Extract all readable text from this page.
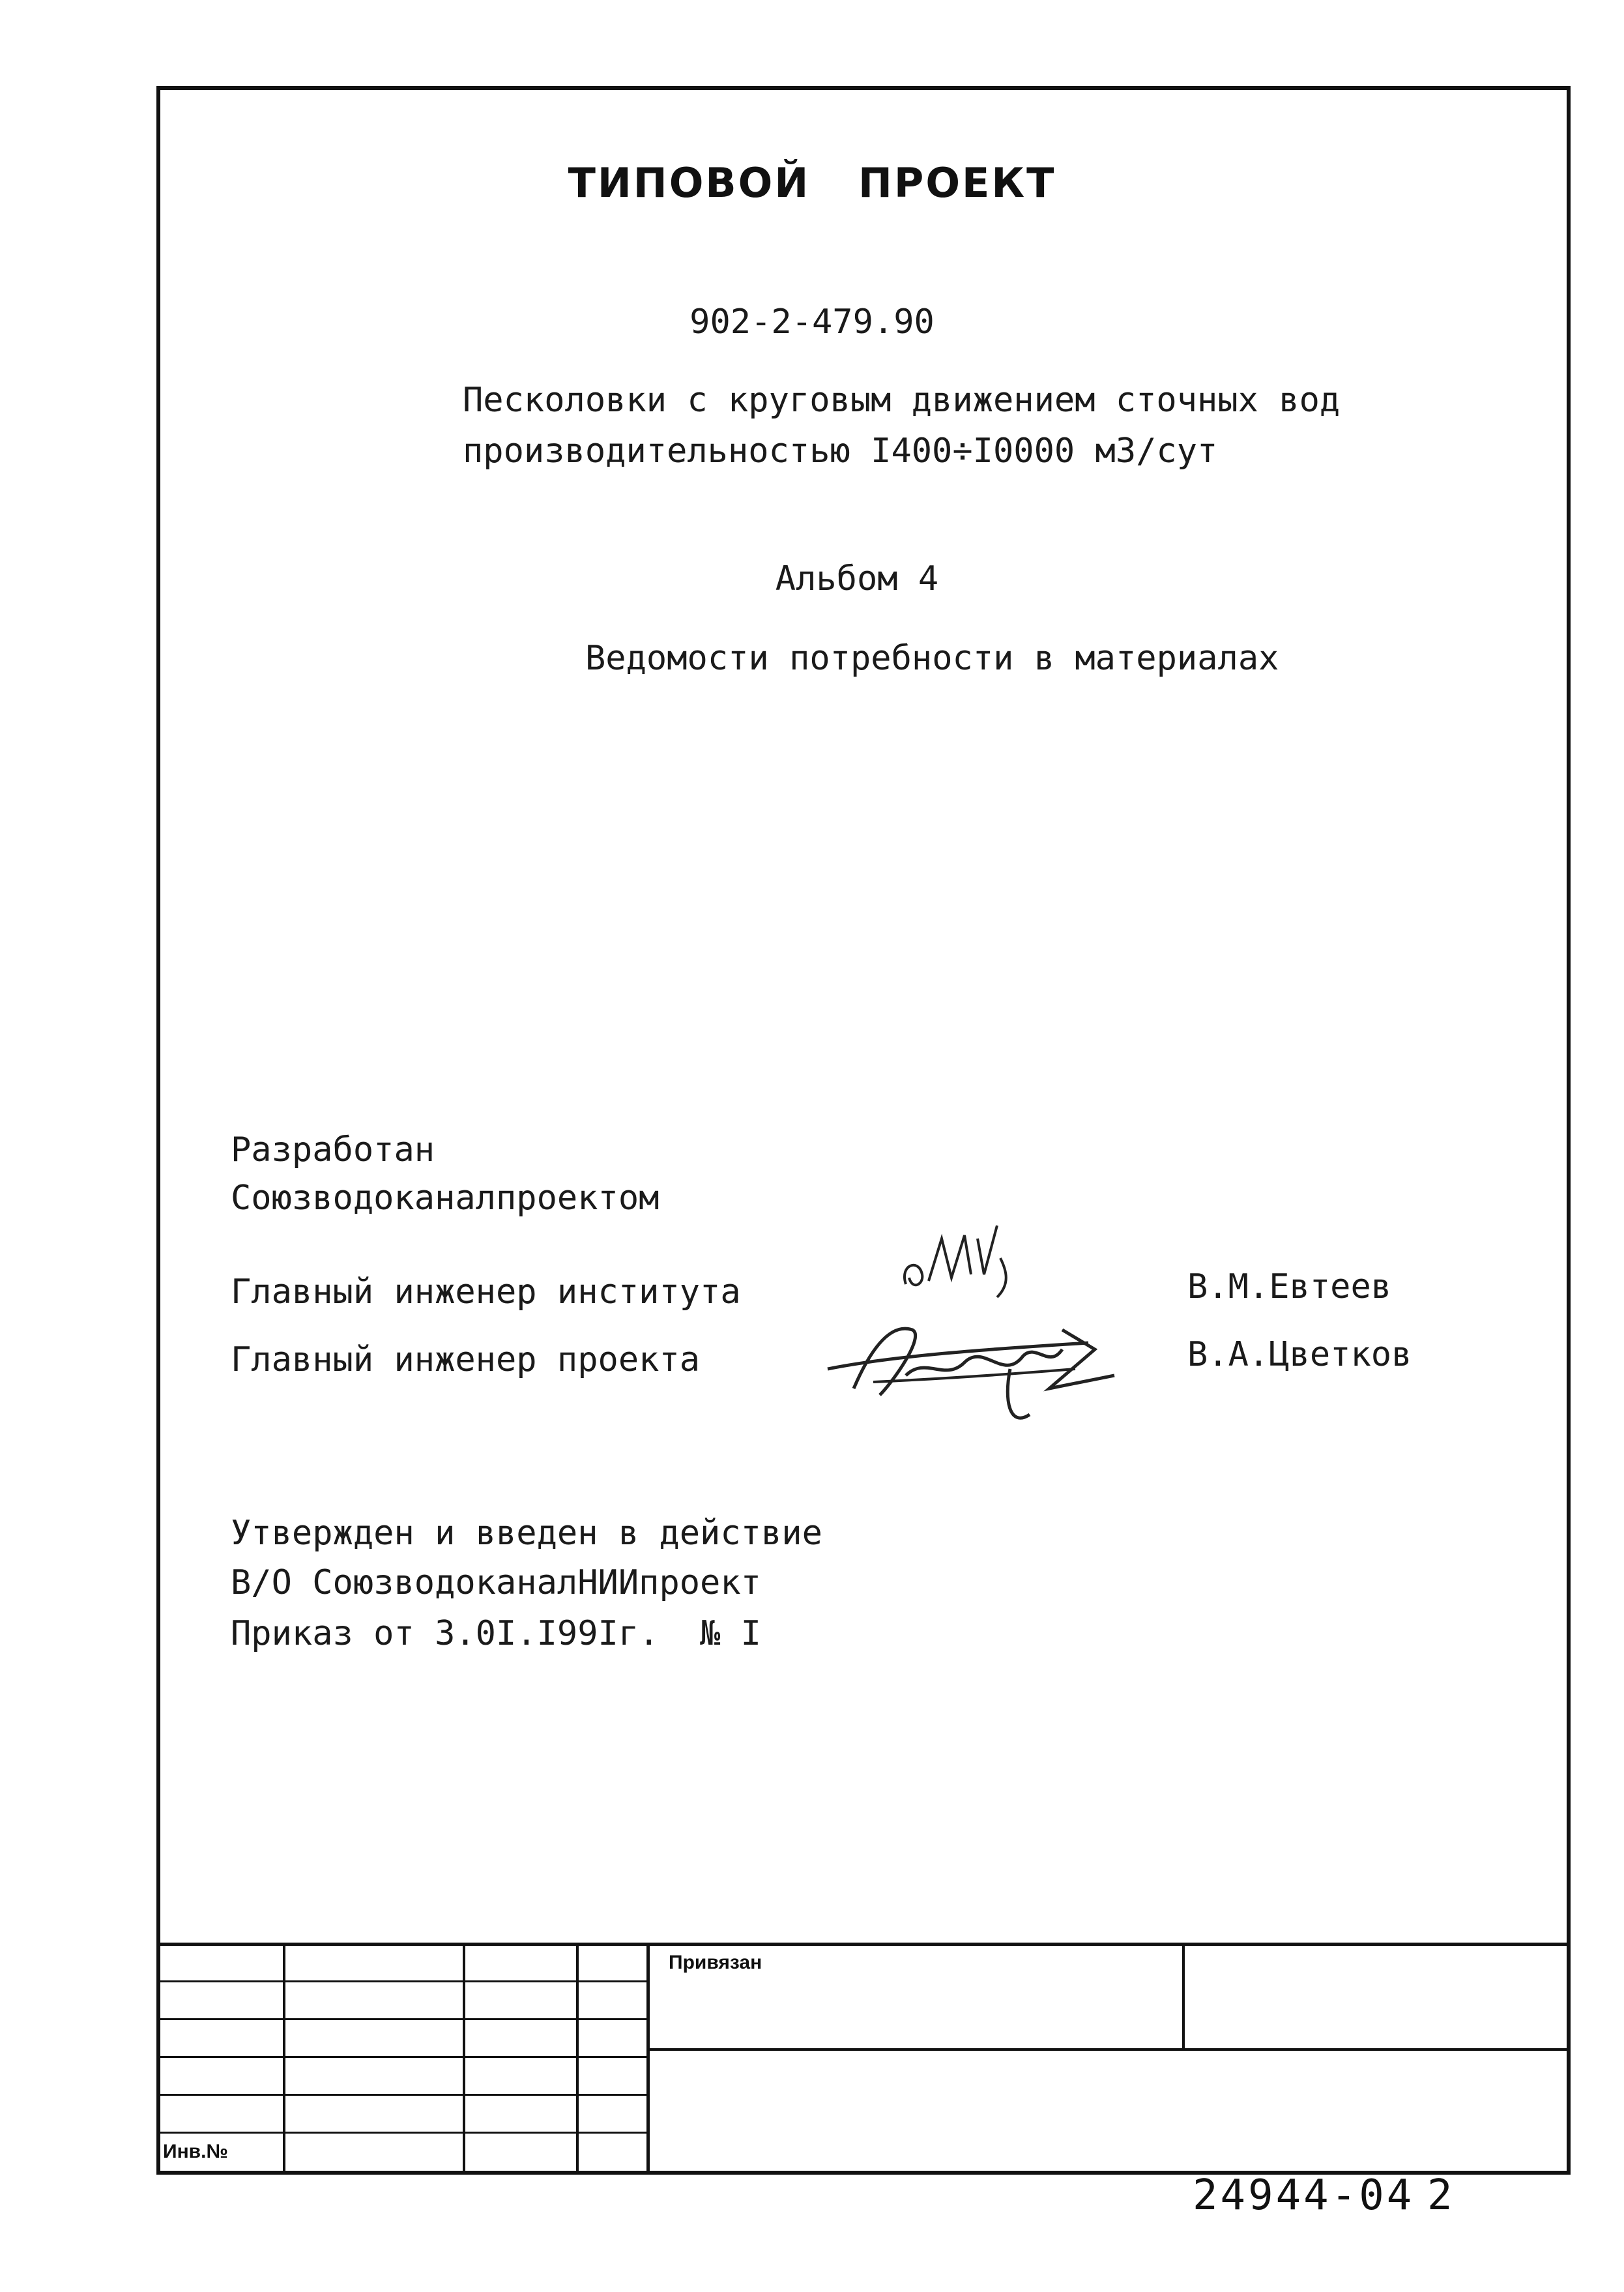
ТИПОВОЙ   ПРОЕКТ
902-2-479.90
Песколовки с круговым движением сточных вод
производительностью I400÷I0000 м3/сут
Альбом 4
Ведомости потребности в материалах
Разработан
Союзводоканалпроектом
Главный инженер института	В.М.Евтеев
Главный инженер проекта	В.А.Цветков
Утвержден и введен в действие
В/О СоюзводоканалНИИпроект
Приказ от 3.0I.I99Iг.  № I
Привязан
Инв.№
24944-04 2
